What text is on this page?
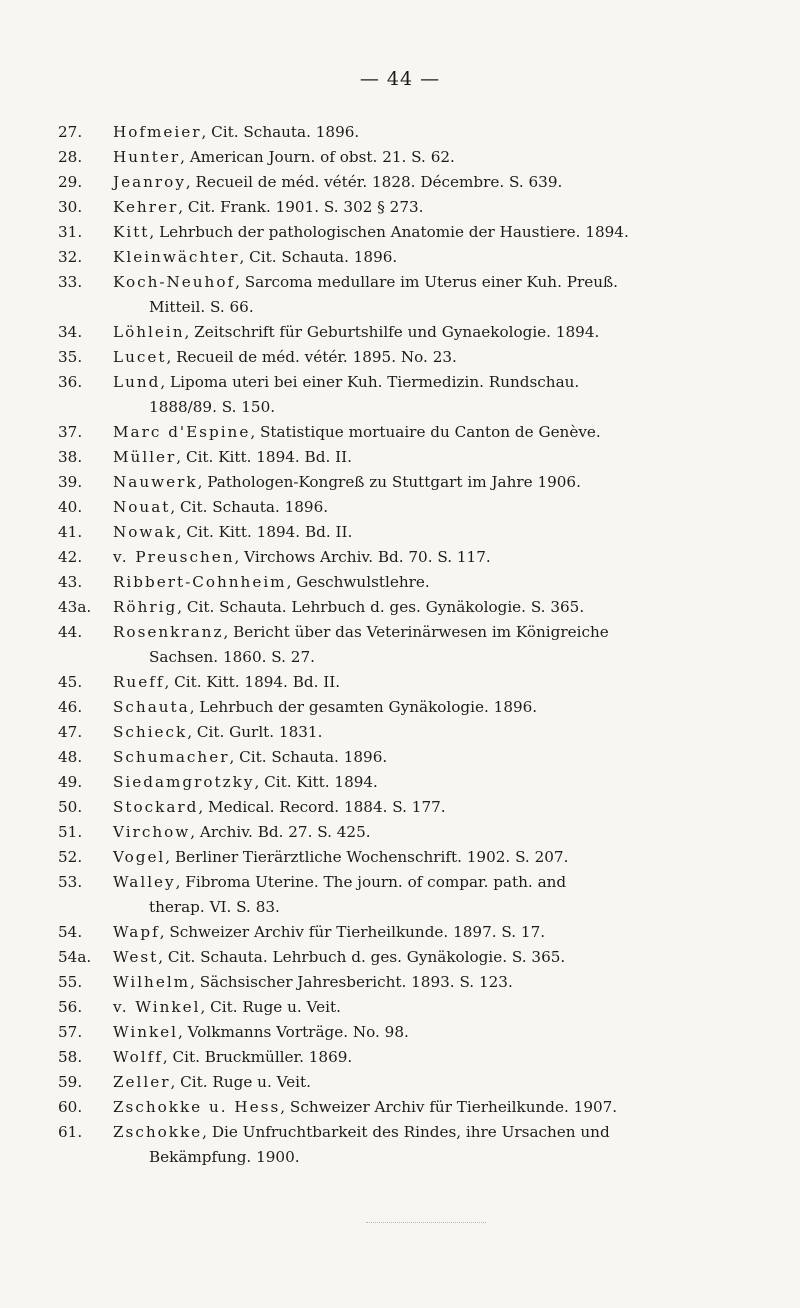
— 44 —
27.	Hofmeier, Cit. Schauta. 1896.
28.	Hunter, American Journ. of obst. 21. S. 62.
29.	Jeanroy, Recueil de méd. vétér. 1828. Décembre. S. 639.
30.	Kehrer, Cit. Frank. 1901. S. 302 § 273.
31.	Kitt, Lehrbuch der pathologischen Anatomie der Haustiere. 1894.
32.	Kleinwächter, Cit. Schauta. 1896.
33.	Koch-Neuhof, Sarcoma medullare im Uterus einer Kuh. Preuß.
Mitteil. S. 66.
34.	Löhlein, Zeitschrift für Geburtshilfe und Gynaekologie. 1894.
35.	Lucet, Recueil de méd. vétér. 1895. No. 23.
36.	Lund, Lipoma uteri bei einer Kuh. Tiermedizin. Rundschau.
1888/89. S. 150.
37.	Marc d'Espine, Statistique mortuaire du Canton de Genève.
38.	Müller, Cit. Kitt. 1894. Bd. II.
39.	Nauwerk, Pathologen-Kongreß zu Stuttgart im Jahre 1906.
40.	Nouat, Cit. Schauta. 1896.
41.	Nowak, Cit. Kitt. 1894. Bd. II.
42.	v. Preuschen, Virchows Archiv. Bd. 70. S. 117.
43.	Ribbert-Cohnheim, Geschwulstlehre.
43a.	Röhrig, Cit. Schauta. Lehrbuch d. ges. Gynäkologie. S. 365.
44.	Rosenkranz, Bericht über das Veterinärwesen im Königreiche
Sachsen. 1860. S. 27.
45.	Rueff, Cit. Kitt. 1894. Bd. II.
46.	Schauta, Lehrbuch der gesamten Gynäkologie. 1896.
47.	Schieck, Cit. Gurlt. 1831.
48.	Schumacher, Cit. Schauta. 1896.
49.	Siedamgrotzky, Cit. Kitt. 1894.
50.	Stockard, Medical. Record. 1884. S. 177.
51.	Virchow, Archiv. Bd. 27. S. 425.
52.	Vogel, Berliner Tierärztliche Wochenschrift. 1902. S. 207.
53.	Walley, Fibroma Uterine. The journ. of compar. path. and
therap. VI. S. 83.
54.	Wapf, Schweizer Archiv für Tierheilkunde. 1897. S. 17.
54a.	West, Cit. Schauta. Lehrbuch d. ges. Gynäkologie. S. 365.
55.	Wilhelm, Sächsischer Jahresbericht. 1893. S. 123.
56.	v. Winkel, Cit. Ruge u. Veit.
57.	Winkel, Volkmanns Vorträge. No. 98.
58.	Wolff, Cit. Bruckmüller. 1869.
59.	Zeller, Cit. Ruge u. Veit.
60.	Zschokke u. Hess, Schweizer Archiv für Tierheilkunde. 1907.
61.	Zschokke, Die Unfruchtbarkeit des Rindes, ihre Ursachen und
Bekämpfung. 1900.
